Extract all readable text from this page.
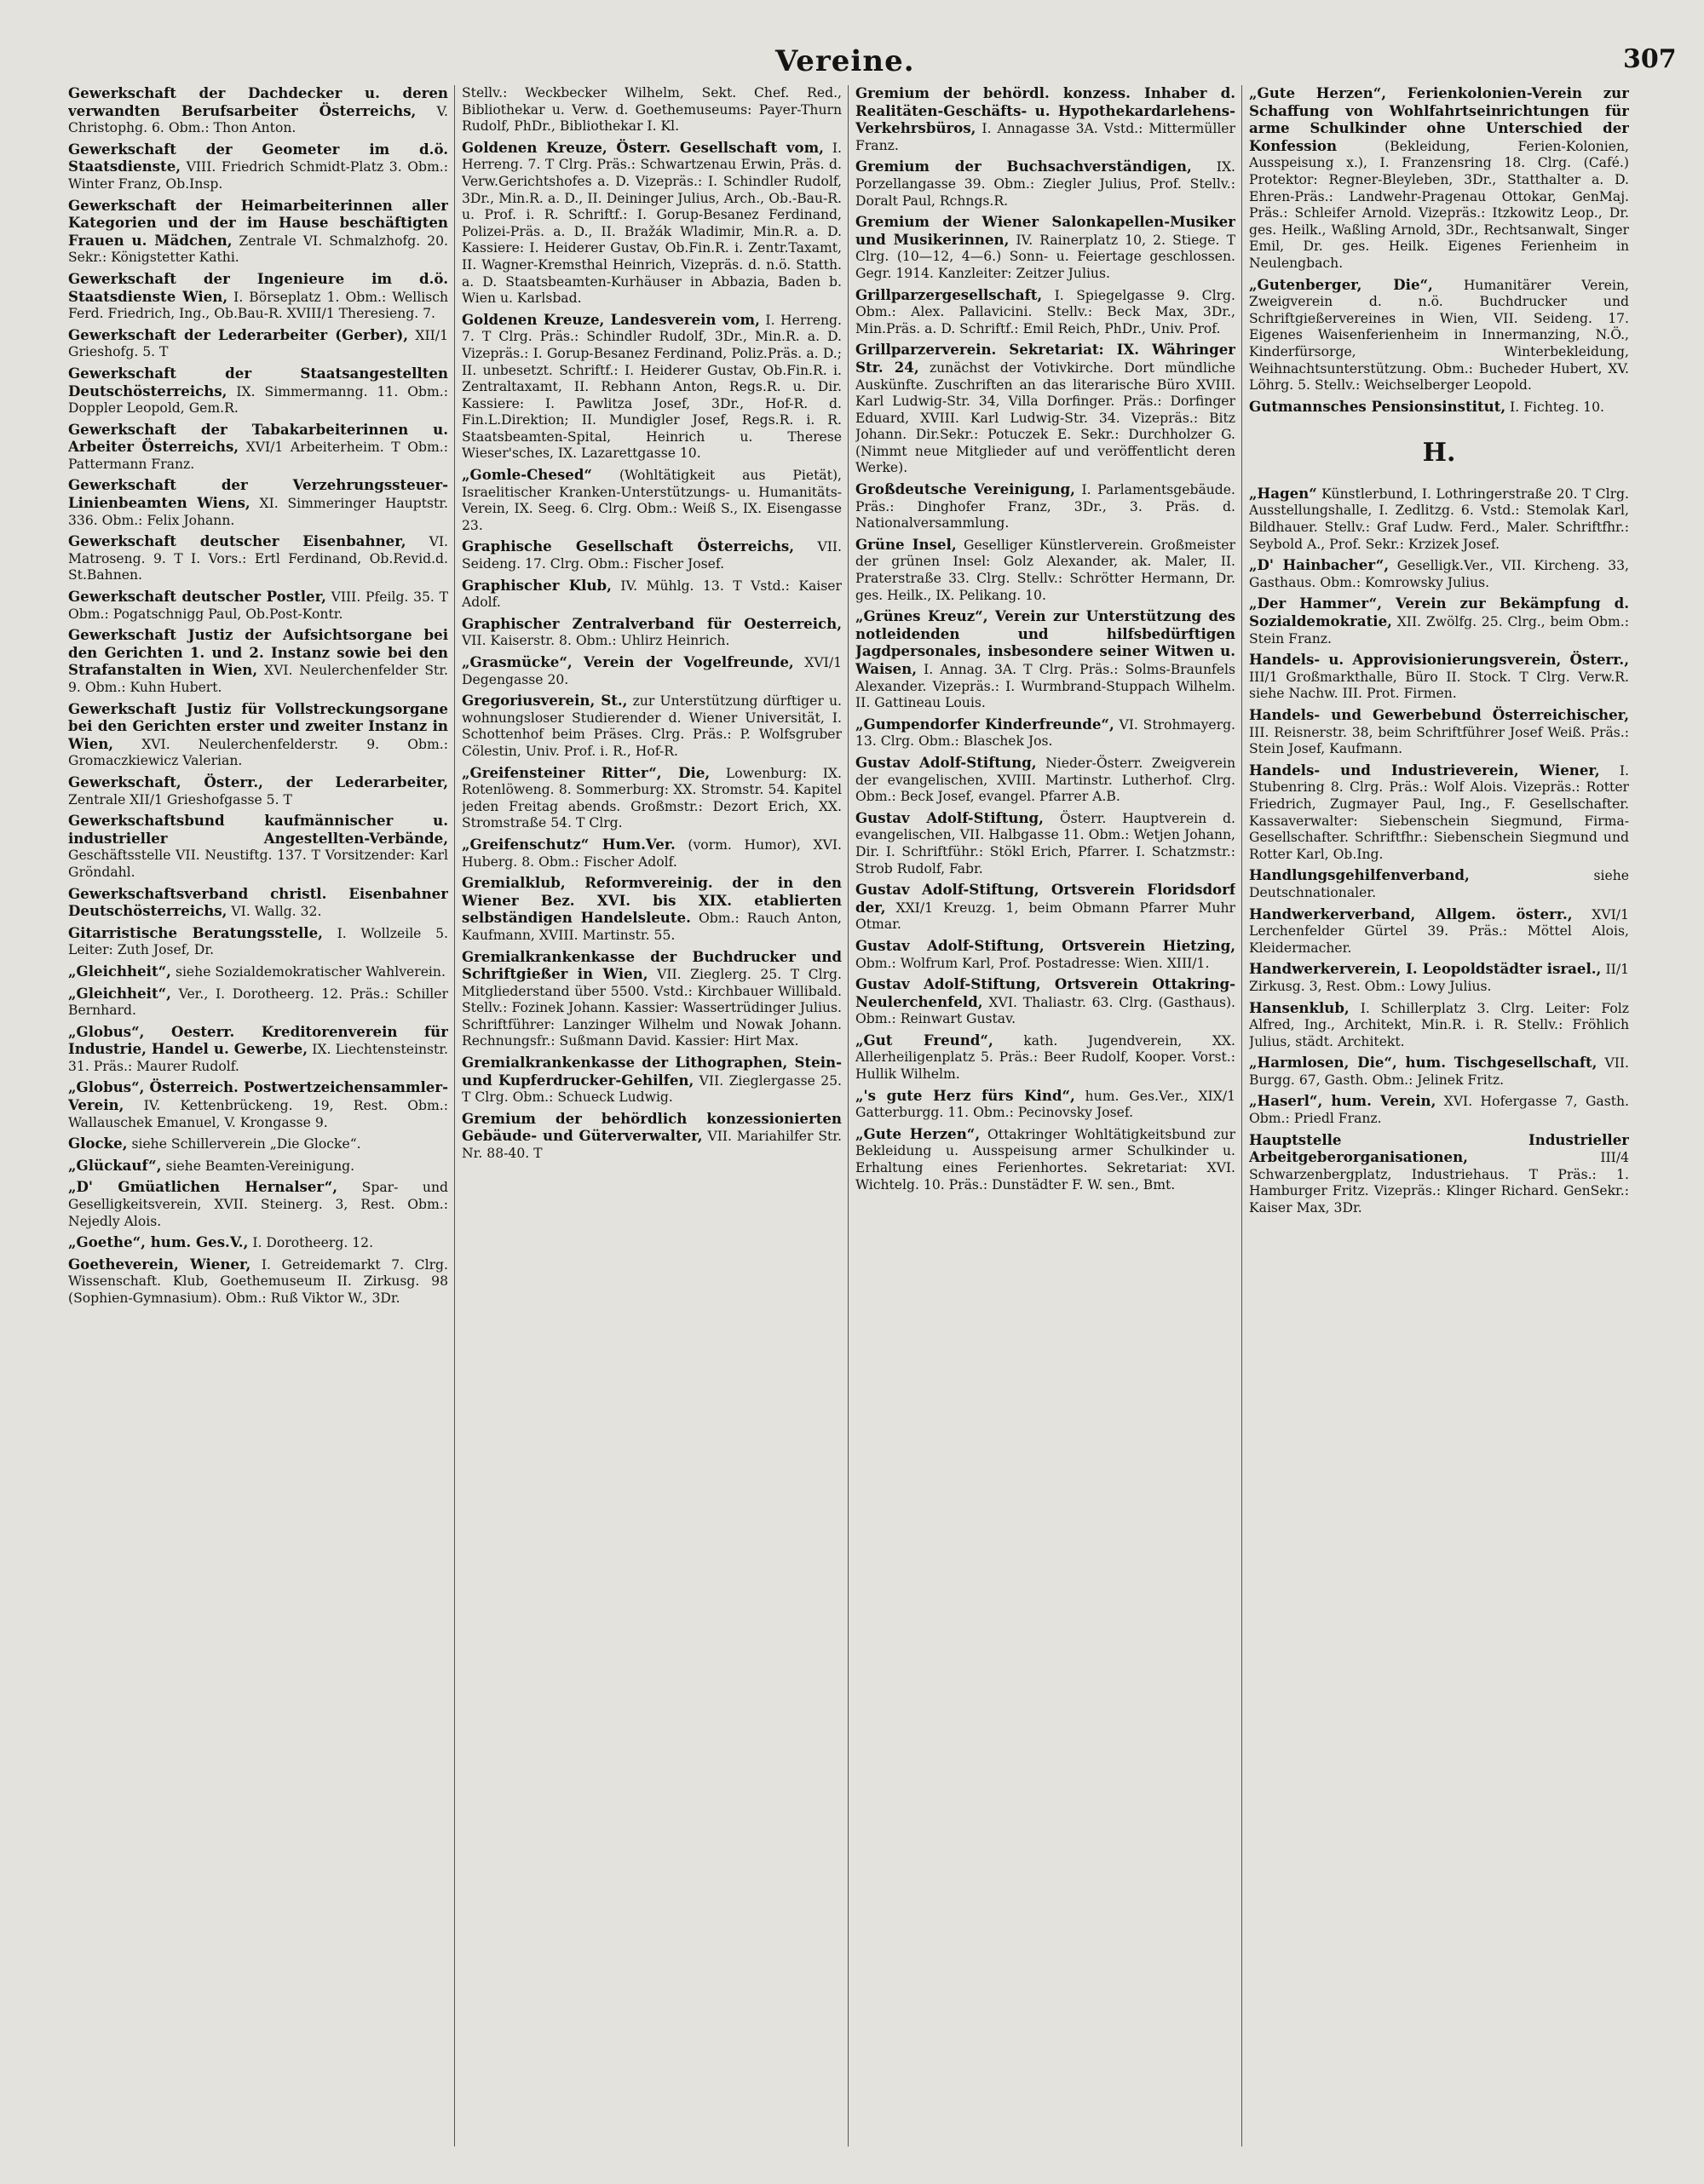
Vereine.	307

Gewerkschaft der Dachdecker u. deren verwandten Berufsarbeiter Österreichs, V. Christophg. 6. Obm.: Thon Anton.

Gewerkschaft der Geometer im d.ö. Staatsdienste, VIII. Friedrich Schmidt-Platz 3. Obm.: Winter Franz, Ob.Insp.

Gewerkschaft der Heimarbeiterinnen aller Kategorien und der im Hause beschäftigten Frauen u. Mädchen, Zentrale VI. Schmalzhofg. 20. Sekr.: Königstetter Kathi.

Gewerkschaft der Ingenieure im d.ö. Staatsdienste Wien, I. Börseplatz 1. Obm.: Wellisch Ferd. Friedrich, Ing., Ob.Bau-R. XVIII/1 Theresieng. 7.

Gewerkschaft der Lederarbeiter (Gerber), XII/1 Grieshofg. 5. T

Gewerkschaft der Staatsangestellten Deutschösterreichs, IX. Simmermanng. 11. Obm.: Doppler Leopold, Gem.R.

Gewerkschaft der Tabakarbeiterinnen u. Arbeiter Österreichs, XVI/1 Arbeiterheim. T Obm.: Pattermann Franz.

Gewerkschaft der Verzehrungssteuer-Linienbeamten Wiens, XI. Simmeringer Hauptstr. 336. Obm.: Felix Johann.

Gewerkschaft deutscher Eisenbahner, VI. Matroseng. 9. T I. Vors.: Ertl Ferdinand, Ob.Revid.d. St.Bahnen.

Gewerkschaft deutscher Postler, VIII. Pfeilg. 35. T Obm.: Pogatschnigg Paul, Ob.Post-Kontr.

Gewerkschaft Justiz der Aufsichtsorgane bei den Gerichten 1. und 2. Instanz sowie bei den Strafanstalten in Wien, XVI. Neulerchenfelder Str. 9. Obm.: Kuhn Hubert.

Gewerkschaft Justiz für Vollstreckungsorgane bei den Gerichten erster und zweiter Instanz in Wien, XVI. Neulerchenfelderstr. 9. Obm.: Gromaczkiewicz Valerian.

Gewerkschaft, Österr., der Lederarbeiter, Zentrale XII/1 Grieshofgasse 5. T

Gewerkschaftsbund kaufmännischer u. industrieller Angestellten-Verbände, Geschäftsstelle VII. Neustiftg. 137. T Vorsitzender: Karl Gröndahl.

Gewerkschaftsverband christl. Eisenbahner Deutschösterreichs, VI. Wallg. 32.

Gitarristische Beratungsstelle, I. Wollzeile 5. Leiter: Zuth Josef, Dr.

„Gleichheit“, siehe Sozialdemokratischer Wahlverein.

„Gleichheit“, Ver., I. Dorotheerg. 12. Präs.: Schiller Bernhard.

„Globus“, Oesterr. Kreditorenverein für Industrie, Handel u. Gewerbe, IX. Liechtensteinstr. 31. Präs.: Maurer Rudolf.

„Globus“, Österreich. Postwertzeichensammler-Verein, IV. Kettenbrückeng. 19, Rest. Obm.: Wallauschek Emanuel, V. Krongasse 9.

Glocke, siehe Schillerverein „Die Glocke“.

„Glückauf“, siehe Beamten-Vereinigung.

„D' Gmüatlichen Hernalser“, Spar- und Geselligkeitsverein, XVII. Steinerg. 3, Rest. Obm.: Nejedly Alois.

„Goethe“, hum. Ges.V., I. Dorotheerg. 12.

Goetheverein, Wiener, I. Getreidemarkt 7. Clrg. Wissenschaft. Klub, Goethemuseum II. Zirkusg. 98 (Sophien-Gymnasium). Obm.: Ruß Viktor W., 3Dr.

Stellv.: Weckbecker Wilhelm, Sekt. Chef. Red., Bibliothekar u. Verw. d. Goethemuseums: Payer-Thurn Rudolf, PhDr., Bibliothekar I. Kl.

Goldenen Kreuze, Österr. Gesellschaft vom, I. Herreng. 7. T Clrg. Präs.: Schwartzenau Erwin, Präs. d. Verw.Gerichtshofes a. D. Vizepräs.: I. Schindler Rudolf, 3Dr., Min.R. a. D., II. Deininger Julius, Arch., Ob.-Bau-R. u. Prof. i. R. Schriftf.: I. Gorup-Besanez Ferdinand, Polizei-Präs. a. D., II. Bražák Wladimir, Min.R. a. D. Kassiere: I. Heiderer Gustav, Ob.Fin.R. i. Zentr.Taxamt, II. Wagner-Kremsthal Heinrich, Vizepräs. d. n.ö. Statth. a. D. Staatsbeamten-Kurhäuser in Abbazia, Baden b. Wien u. Karlsbad.

Goldenen Kreuze, Landesverein vom, I. Herreng. 7. T Clrg. Präs.: Schindler Rudolf, 3Dr., Min.R. a. D. Vizepräs.: I. Gorup-Besanez Ferdinand, Poliz.Präs. a. D.; II. unbesetzt. Schriftf.: I. Heiderer Gustav, Ob.Fin.R. i. Zentraltaxamt, II. Rebhann Anton, Regs.R. u. Dir. Kassiere: I. Pawlitza Josef, 3Dr., Hof-R. d. Fin.L.Direktion; II. Mundigler Josef, Regs.R. i. R. Staatsbeamten-Spital, Heinrich u. Therese Wieser'sches, IX. Lazarettgasse 10.

„Gomle-Chesed“ (Wohltätigkeit aus Pietät), Israelitischer Kranken-Unterstützungs- u. Humanitäts-Verein, IX. Seeg. 6. Clrg. Obm.: Weiß S., IX. Eisengasse 23.

Graphische Gesellschaft Österreichs, VII. Seideng. 17. Clrg. Obm.: Fischer Josef.

Graphischer Klub, IV. Mühlg. 13. T Vstd.: Kaiser Adolf.

Graphischer Zentralverband für Oesterreich, VII. Kaiserstr. 8. Obm.: Uhlirz Heinrich.

„Grasmücke“, Verein der Vogelfreunde, XVI/1 Degengasse 20.

Gregoriusverein, St., zur Unterstützung dürftiger u. wohnungsloser Studierender d. Wiener Universität, I. Schottenhof beim Präses. Clrg. Präs.: P. Wolfsgruber Cölestin, Univ. Prof. i. R., Hof-R.

„Greifensteiner Ritter“, Die, Lowenburg: IX. Rotenlöweng. 8. Sommerburg: XX. Stromstr. 54. Kapitel jeden Freitag abends. Großmstr.: Dezort Erich, XX. Stromstraße 54. T Clrg.

„Greifenschutz“ Hum.Ver. (vorm. Humor), XVI. Huberg. 8. Obm.: Fischer Adolf.

Gremialklub, Reformvereinig. der in den Wiener Bez. XVI. bis XIX. etablierten selbständigen Handelsleute. Obm.: Rauch Anton, Kaufmann, XVIII. Martinstr. 55.

Gremialkrankenkasse der Buchdrucker und Schriftgießer in Wien, VII. Zieglerg. 25. T Clrg. Mitgliederstand über 5500. Vstd.: Kirchbauer Willibald. Stellv.: Fozinek Johann. Kassier: Wassertrüdinger Julius. Schriftführer: Lanzinger Wilhelm und Nowak Johann. Rechnungsfr.: Sußmann David. Kassier: Hirt Max.

Gremialkrankenkasse der Lithographen, Stein- und Kupferdrucker-Gehilfen, VII. Zieglergasse 25. T Clrg. Obm.: Schueck Ludwig.

Gremium der behördlich konzessionierten Gebäude- und Güterverwalter, VII. Mariahilfer Str. Nr. 88-40. T

Gremium der behördl. konzess. Inhaber d. Realitäten-Geschäfts- u. Hypothekardarlehens-Verkehrsbüros, I. Annagasse 3A. Vstd.: Mittermüller Franz.

Gremium der Buchsachverständigen, IX. Porzellangasse 39. Obm.: Ziegler Julius, Prof. Stellv.: Doralt Paul, Rchngs.R.

Gremium der Wiener Salonkapellen-Musiker und Musikerinnen, IV. Rainerplatz 10, 2. Stiege. T Clrg. (10—12, 4—6.) Sonn- u. Feiertage geschlossen. Gegr. 1914. Kanzleiter: Zeitzer Julius.

Grillparzergesellschaft, I. Spiegelgasse 9. Clrg. Obm.: Alex. Pallavicini. Stellv.: Beck Max, 3Dr., Min.Präs. a. D. Schriftf.: Emil Reich, PhDr., Univ. Prof.

Grillparzerverein. Sekretariat: IX. Währinger Str. 24, zunächst der Votivkirche. Dort mündliche Auskünfte. Zuschriften an das literarische Büro XVIII. Karl Ludwig-Str. 34, Villa Dorfinger. Präs.: Dorfinger Eduard, XVIII. Karl Ludwig-Str. 34. Vizepräs.: Bitz Johann. Dir.Sekr.: Potuczek E. Sekr.: Durchholzer G. (Nimmt neue Mitglieder auf und veröffentlicht deren Werke).

Großdeutsche Vereinigung, I. Parlamentsgebäude. Präs.: Dinghofer Franz, 3Dr., 3. Präs. d. Nationalversammlung.

Grüne Insel, Geselliger Künstlerverein. Großmeister der grünen Insel: Golz Alexander, ak. Maler, II. Praterstraße 33. Clrg. Stellv.: Schrötter Hermann, Dr. ges. Heilk., IX. Pelikang. 10.

„Grünes Kreuz“, Verein zur Unterstützung des notleidenden und hilfsbedürftigen Jagdpersonales, insbesondere seiner Witwen u. Waisen, I. Annag. 3A. T Clrg. Präs.: Solms-Braunfels Alexander. Vizepräs.: I. Wurmbrand-Stuppach Wilhelm. II. Gattineau Louis.

„Gumpendorfer Kinderfreunde“, VI. Strohmayerg. 13. Clrg. Obm.: Blaschek Jos.

Gustav Adolf-Stiftung, Nieder-Österr. Zweigverein der evangelischen, XVIII. Martinstr. Lutherhof. Clrg. Obm.: Beck Josef, evangel. Pfarrer A.B.

Gustav Adolf-Stiftung, Österr. Hauptverein d. evangelischen, VII. Halbgasse 11. Obm.: Wetjen Johann, Dir. I. Schriftführ.: Stökl Erich, Pfarrer. I. Schatzmstr.: Strob Rudolf, Fabr.

Gustav Adolf-Stiftung, Ortsverein Floridsdorf der, XXI/1 Kreuzg. 1, beim Obmann Pfarrer Muhr Otmar.

Gustav Adolf-Stiftung, Ortsverein Hietzing, Obm.: Wolfrum Karl, Prof. Postadresse: Wien. XIII/1.

Gustav Adolf-Stiftung, Ortsverein Ottakring-Neulerchenfeld, XVI. Thaliastr. 63. Clrg. (Gasthaus). Obm.: Reinwart Gustav.

„Gut Freund“, kath. Jugendverein, XX. Allerheiligenplatz 5. Präs.: Beer Rudolf, Kooper. Vorst.: Hullik Wilhelm.

„'s gute Herz fürs Kind“, hum. Ges.Ver., XIX/1 Gatterburgg. 11. Obm.: Pecinovsky Josef.

„Gute Herzen“, Ottakringer Wohltätigkeitsbund zur Bekleidung u. Ausspeisung armer Schulkinder u. Erhaltung eines Ferienhortes. Sekretariat: XVI. Wichtelg. 10. Präs.: Dunstädter F. W. sen., Bmt.

„Gute Herzen“, Ferienkolonien-Verein zur Schaffung von Wohlfahrtseinrichtungen für arme Schulkinder ohne Unterschied der Konfession	(Bekleidung, Ferien-Kolonien, Ausspeisung x.), I. Franzensring 18. Clrg. (Café.) Protektor: Regner-Bleyleben, 3Dr., Statthalter a. D. Ehren-Präs.: Landwehr-Pragenau Ottokar, GenMaj. Präs.: Schleifer Arnold. Vizepräs.: Itzkowitz Leop., Dr. ges. Heilk., Waßling Arnold, 3Dr., Rechtsanwalt, Singer Emil, Dr. ges. Heilk. Eigenes Ferienheim in Neulengbach.

„Gutenberger, Die“, Humanitärer Verein, Zweigverein d. n.ö. Buchdrucker und Schriftgießervereines in Wien, VII. Seideng. 17. Eigenes Waisenferienheim in Innermanzing, N.Ö., Kinderfürsorge, Winterbekleidung, Weihnachtsunterstützung. Obm.: Bucheder Hubert, XV. Löhrg. 5. Stellv.: Weichselberger Leopold.

Gutmannsches Pensionsinstitut, I. Fichteg. 10.

H.

„Hagen“ Künstlerbund, I. Lothringerstraße 20. T Clrg. Ausstellungshalle, I. Zedlitzg. 6. Vstd.: Stemolak Karl, Bildhauer. Stellv.: Graf Ludw. Ferd., Maler. Schriftfhr.: Seybold A., Prof. Sekr.: Krzizek Josef.

„D' Hainbacher“, Geselligk.Ver., VII. Kircheng. 33, Gasthaus. Obm.: Komrowsky Julius.

„Der Hammer“, Verein zur Bekämpfung d. Sozialdemokratie, XII. Zwölfg. 25. Clrg., beim Obm.: Stein Franz.

Handels- u. Approvisionierungsverein, Österr., III/1 Großmarkthalle, Büro II. Stock. T Clrg. Verw.R. siehe Nachw. III. Prot. Firmen.

Handels- und Gewerbebund Österreichischer, III. Reisnerstr. 38, beim Schriftführer Josef Weiß. Präs.: Stein Josef, Kaufmann.

Handels- und Industrieverein, Wiener, I. Stubenring 8. Clrg. Präs.: Wolf Alois. Vizepräs.: Rotter Friedrich, Zugmayer Paul, Ing., F. Gesellschafter. Kassaverwalter: Siebenschein Siegmund, Firma-Gesellschafter. Schriftfhr.: Siebenschein Siegmund und Rotter Karl, Ob.Ing.

Handlungsgehilfenverband,	siehe Deutschnationaler.

Handwerkerverband, Allgem. österr., XVI/1 Lerchenfelder Gürtel 39. Präs.: Möttel Alois, Kleidermacher.

Handwerkerverein, I. Leopoldstädter israel., II/1 Zirkusg. 3, Rest. Obm.: Lowy Julius.

Hansenklub, I. Schillerplatz 3. Clrg. Leiter: Folz Alfred, Ing., Architekt, Min.R. i. R. Stellv.: Fröhlich Julius, städt. Architekt.

„Harmlosen, Die“, hum. Tischgesellschaft, VII. Burgg. 67, Gasth. Obm.: Jelinek Fritz.

„Haserl“, hum. Verein, XVI. Hofergasse 7, Gasth. Obm.: Priedl Franz.

Hauptstelle Industrieller Arbeitgeberorganisationen,	III/4 Schwarzenbergplatz, Industriehaus. T Präs.: 1. Hamburger Fritz. Vizepräs.: Klinger Richard. GenSekr.: Kaiser Max, 3Dr.
